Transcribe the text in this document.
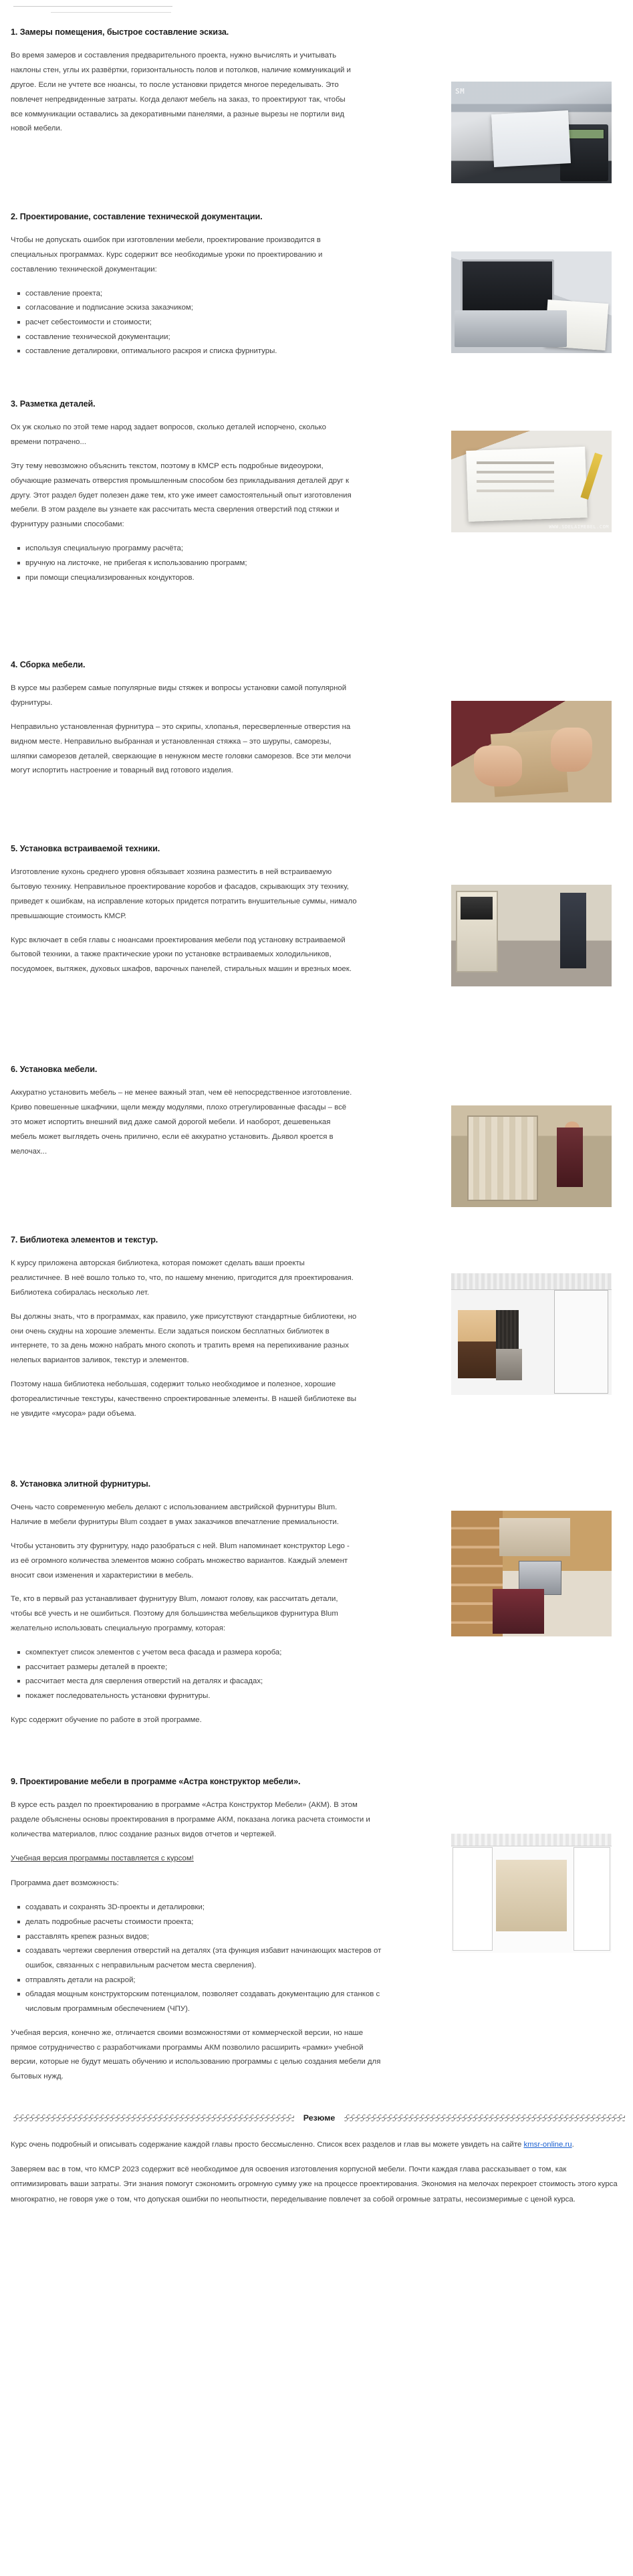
SM
1. Замеры помещения, быстрое составление эскиза.

Во время замеров и составления предварительного проекта, нужно вычислять и учитывать наклоны стен, углы их развёртки, горизонтальность полов и потолков, наличие коммуникаций и другое. Если не учтете все нюансы, то после установки придется многое переделывать. Это повлечет непредвиденные затраты. Когда делают мебель на заказ, то проектируют так, чтобы все коммуникации оставались за декоративными панелями, а разные вырезы не портили вид новой мебели.

2. Проектирование, составление технической документации.

Чтобы не допускать ошибок при изготовлении мебели, проектирование производится в специальных программах. Курс содержит все необходимые уроки по проектированию и составлению технической документации:

составление проекта;
согласование и подписание эскиза заказчиком;
расчет себестоимости и стоимости;
составление технической документации;
составление деталировки, оптимального раскроя и списка фурнитуры.
WWW.SDELAIMEBEL.COM
3. Разметка деталей.

Ох уж сколько по этой теме народ задает вопросов, сколько деталей испорчено, сколько времени потрачено...

Эту тему невозможно объяснить текстом, поэтому в КМСР есть подробные видеоуроки, обучающие размечать отверстия промышленным способом без прикладывания деталей друг к другу. Этот раздел будет полезен даже тем, кто уже имеет самостоятельный опыт изготовления мебели. В этом разделе вы узнаете как рассчитать места сверления отверстий под стяжки и фурнитуру разными способами:

используя специальную программу расчёта;
вручную на листочке, не прибегая к использованию программ;
при помощи специализированных кондукторов.
4. Сборка мебели.

В курсе мы разберем самые популярные виды стяжек и вопросы установки самой популярной фурнитуры.

Неправильно установленная фурнитура – это скрипы, хлопанья, пересверленные отверстия на видном месте. Неправильно выбранная и установленная стяжка – это шурупы, саморезы, шляпки саморезов деталей, сверкающие в ненужном месте головки саморезов. Все эти мелочи могут испортить настроение и товарный вид готового изделия.

5. Установка встраиваемой техники.

Изготовление кухонь среднего уровня обязывает хозяина разместить в ней встраиваемую бытовую технику. Неправильное проектирование коробов и фасадов, скрывающих эту технику, приведет к ошибкам, на исправление которых придется потратить внушительные суммы, нимало превышающие стоимость КМСР.

Курс включает в себя главы с нюансами проектирования мебели под установку встраиваемой бытовой техники, а также практические уроки по установке встраиваемых холодильников, посудомоек, вытяжек, духовых шкафов, варочных панелей, стиральных машин и врезных моек.

6. Установка мебели.

Аккуратно установить мебель – не менее важный этап, чем её непосредственное изготовление. Криво повешенные шкафчики, щели между модулями, плохо отрегулированные фасады – всё это может испортить внешний вид даже самой дорогой мебели. И наоборот, дешевенькая мебель может выглядеть очень прилично, если её аккуратно установить. Дьявол кроется в мелочах...

7. Библиотека элементов и текстур.

К курсу приложена авторская библиотека, которая поможет сделать ваши проекты реалистичнее. В неё вошло только то, что, по нашему мнению, пригодится для проектирования. Библиотека собиралась несколько лет.

Вы должны знать, что в программах, как правило, уже присутствуют стандартные библиотеки, но они очень скудны на хорошие элементы. Если задаться поиском бесплатных библиотек в интернете, то за день можно набрать много скопоть и тратить время на перепихивание разных нелепых вариантов заливок, текстур и элементов.

Поэтому наша библиотека небольшая, содержит только необходимое и полезное, хорошие фотореалистичные текстуры, качественно спроектированные элементы. В нашей библиотеке вы не увидите «мусора» ради объема.

8. Установка элитной фурнитуры.

Очень часто современную мебель делают с использованием австрийской фурнитуры Blum. Наличие в мебели фурнитуры Blum создает в умах заказчиков впечатление премиальности.

Чтобы установить эту фурнитуру, надо разобраться с ней. Blum напоминает конструктор Lego - из её огромного количества элементов можно собрать множество вариантов. Каждый элемент вносит свои изменения и характеристики в мебель.

Те, кто в первый раз устанавливает фурнитуру Blum, ломают голову, как рассчитать детали, чтобы всё учесть и не ошибиться. Поэтому для большинства мебельщиков фурнитура Blum желательно использовать специальную программу, которая:

скомпектует список элементов с учетом веса фасада и размера короба;
рассчитает размеры деталей в проекте;
рассчитает места для сверления отверстий на деталях и фасадах;
покажет последовательность установки фурнитуры.

Курс содержит обучение по работе в этой программе.

9. Проектирование мебели в программе «Астра конструктор мебели».

В курсе есть раздел по проектированию в программе «Астра Конструктор Мебели» (АКМ). В этом разделе объяснены основы проектирования в программе АКМ, показана логика расчета стоимости и количества материалов, плюс создание разных видов отчетов и чертежей.

Учебная версия программы поставляется с курсом!

Программа дает возможность:

создавать и сохранять 3D-проекты и деталировки;
делать подробные расчеты стоимости проекта;
расставлять крепеж разных видов;
создавать чертежи сверления отверстий на деталях (эта функция избавит начинающих мастеров от ошибок, связанных с неправильным расчетом места сверления).
отправлять детали на раскрой;
обладая мощным конструкторским потенциалом, позволяет создавать документацию для станков с числовым программным обеспечением (ЧПУ).

Учебная версия, конечно же, отличается своими возможностями от коммерческой версии, но наше прямое сотрудничество с разработчиками программы АКМ позволило расширить «рамки» учебной версии, которые не будут мешать обучению и использованию программы с целью создания мебели для бытовых нужд.

Резюме

Курс очень подробный и описывать содержание каждой главы просто бессмысленно. Список всех разделов и глав вы можете увидеть на сайте kmsr-online.ru.

Заверяем вас в том, что КМСР 2023 содержит всё необходимое для освоения изготовления корпусной мебели. Почти каждая глава рассказывает о том, как оптимизировать ваши затраты. Эти знания помогут сэкономить огромную сумму уже на процессе проектирования. Экономия на мелочах перекроет стоимость этого курса многократно, не говоря уже о том, что допуская ошибки по неопытности, переделывание повлечет за собой огромные затраты, несоизмеримые с ценой курса.
